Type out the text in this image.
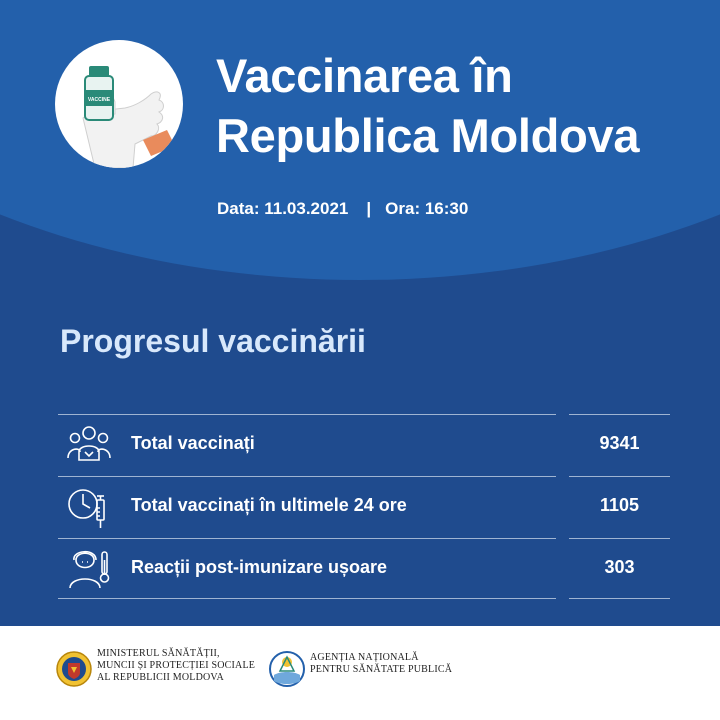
VACCINE Vaccinarea în
Republica Moldova
Data: 11.03.2021 | Ora: 16:30
Progresul vaccinării
Total vaccinați	9341
Total vaccinați în ultimele 24 ore	1105
Reacții post-imunizare ușoare	303
MINISTERUL SĂNĂTĂȚII,
MUNCII ȘI PROTECȚIEI SOCIALE
AL REPUBLICII MOLDOVA
AGENȚIA NAȚIONALĂ
PENTRU SĂNĂTATE PUBLICĂ
